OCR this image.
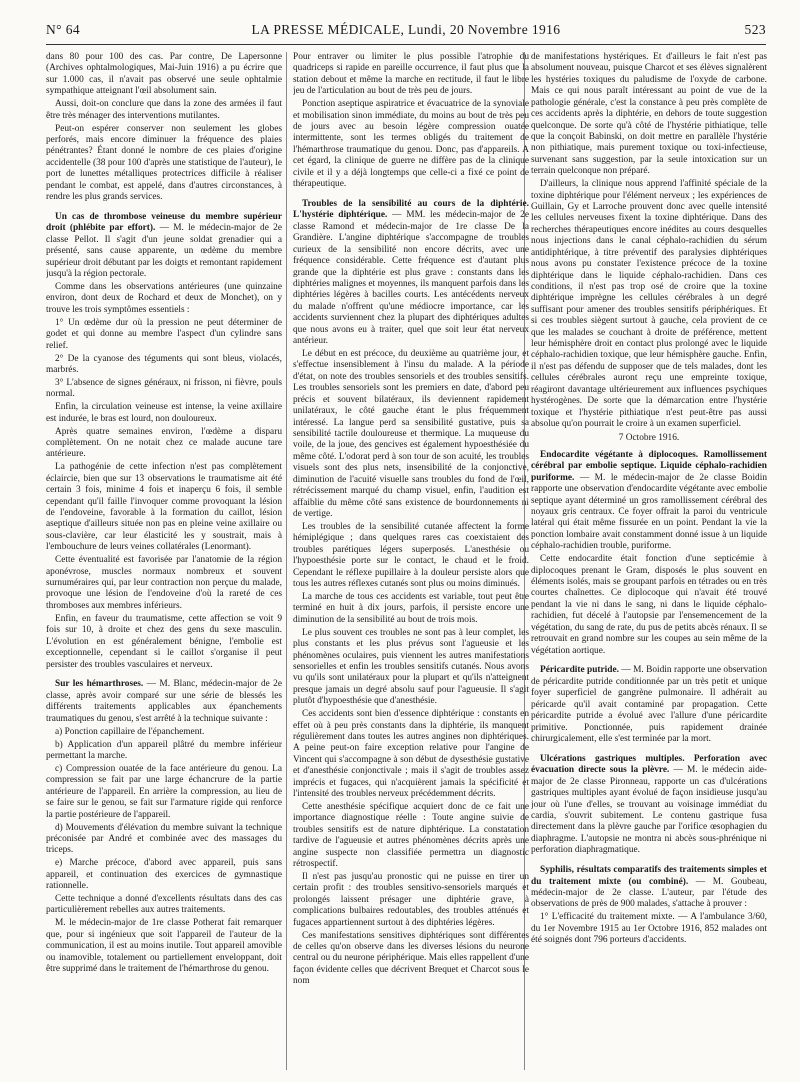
N° 64	LA PRESSE MÉDICALE, Lundi, 20 Novembre 1916	523

dans 80 pour 100 des cas. Par contre, De Lapersonne (Archives ophtalmologiques, Mai-Juin 1916) a pu écrire que sur 1.000 cas, il n'avait pas observé une seule ophtalmie sympathique atteignant l'œil absolument sain.

Aussi, doit-on conclure que dans la zone des armées il faut être très ménager des interventions mutilantes.

Peut-on espérer conserver non seulement les globes perforés, mais encore diminuer la fréquence des plaies pénétrantes? Étant donné le nombre de ces plaies d'origine accidentelle (38 pour 100 d'après une statistique de l'auteur), le port de lunettes métalliques protectrices difficile à réaliser pendant le combat, est appelé, dans d'autres circonstances, à rendre les plus grands services.

Un cas de thrombose veineuse du membre supérieur droit (phlébite par effort). — M. le médecin-major de 2e classe Pellot. Il s'agit d'un jeune soldat grenadier qui a présenté, sans cause apparente, un œdème du membre supérieur droit débutant par les doigts et remontant rapidement jusqu'à la région pectorale.

Comme dans les observations antérieures (une quinzaine environ, dont deux de Rochard et deux de Monchet), on y trouve les trois symptômes essentiels :

1° Un œdème dur où la pression ne peut déterminer de godet et qui donne au membre l'aspect d'un cylindre sans relief.

2° De la cyanose des téguments qui sont bleus, violacés, marbrés.

3° L'absence de signes généraux, ni frisson, ni fièvre, pouls normal.

Enfin, la circulation veineuse est intense, la veine axillaire est indurée, le bras est lourd, non douloureux.

Après quatre semaines environ, l'œdème a disparu complètement. On ne notait chez ce malade aucune tare antérieure.

La pathogénie de cette infection n'est pas complètement éclaircie, bien que sur 13 observations le traumatisme ait été certain 3 fois, minime 4 fois et inaperçu 6 fois, il semble cependant qu'il faille l'invoquer comme provoquant la lésion de l'endoveine, favorable à la formation du caillot, lésion aseptique d'ailleurs située non pas en pleine veine axillaire ou sous-clavière, car leur élasticité les y soustrait, mais à l'embouchure de leurs veines collatérales (Lenormant).

Cette éventualité est favorisée par l'anatomie de la région aponévrose, muscles normaux nombreux et souvent surnuméraires qui, par leur contraction non perçue du malade, provoque une lésion de l'endoveine d'où la rareté de ces thromboses aux membres inférieurs.

Enfin, en faveur du traumatisme, cette affection se voit 9 fois sur 10, à droite et chez des gens du sexe masculin. L'évolution en est généralement bénigne, l'embolie est exceptionnelle, cependant si le caillot s'organise il peut persister des troubles vasculaires et nerveux.

Sur les hémarthroses. — M. Blanc, médecin-major de 2e classe, après avoir comparé sur une série de blessés les différents traitements applicables aux épanchements traumatiques du genou, s'est arrêté à la technique suivante :

a) Ponction capillaire de l'épanchement.

b) Application d'un appareil plâtré du membre inférieur permettant la marche.

c) Compression ouatée de la face antérieure du genou. La compression se fait par une large échancrure de la partie antérieure de l'appareil. En arrière la compression, au lieu de se faire sur le genou, se fait sur l'armature rigide qui renforce la partie postérieure de l'appareil.

d) Mouvements d'élévation du membre suivant la technique préconisée par André et combinée avec des massages du triceps.

e) Marche précoce, d'abord avec appareil, puis sans appareil, et continuation des exercices de gymnastique rationnelle.

Cette technique a donné d'excellents résultats dans des cas particulièrement rebelles aux autres traitements.

M. le médecin-major de 1re classe Potherat fait remarquer que, pour si ingénieux que soit l'appareil de l'auteur de la communication, il est au moins inutile. Tout appareil amovible ou inamovible, totalement ou partiellement enveloppant, doit être supprimé dans le traitement de l'hémarthrose du genou.

Pour entraver ou limiter le plus possible l'atrophie du quadriceps si rapide en pareille occurrence, il faut plus que la station debout et même la marche en rectitude, il faut le libre jeu de l'articulation au bout de très peu de jours.

Ponction aseptique aspiratrice et évacuatrice de la synoviale et mobilisation sinon immédiate, du moins au bout de très peu de jours avec au besoin légère compression ouatée intermittente, sont les termes obligés du traitement de l'hémarthrose traumatique du genou. Donc, pas d'appareils. A cet égard, la clinique de guerre ne diffère pas de la clinique civile et il y a déjà longtemps que celle-ci a fixé ce point de thérapeutique.

Troubles de la sensibilité au cours de la diphtérie. L'hystérie diphtérique. — MM. les médecin-major de 2e classe Ramond et médecin-major de 1re classe De la Grandière. L'angine diphtérique s'accompagne de troubles curieux de la sensibilité non encore décrits, avec une fréquence considérable. Cette fréquence est d'autant plus grande que la diphtérie est plus grave : constants dans les diphtéries malignes et moyennes, ils manquent parfois dans les diphtéries légères à bacilles courts. Les antécédents nerveux du malade n'offrent qu'une médiocre importance, car les accidents surviennent chez la plupart des diphtériques adultes que nous avons eu à traiter, quel que soit leur état nerveux antérieur.

Le début en est précoce, du deuxième au quatrième jour, et s'effectue insensiblement à l'insu du malade. A la période d'état, on note des troubles sensoriels et des troubles sensitifs. Les troubles sensoriels sont les premiers en date, d'abord peu précis et souvent bilatéraux, ils deviennent rapidement unilatéraux, le côté gauche étant le plus fréquemment intéressé. La langue perd sa sensibilité gustative, puis sa sensibilité tactile douloureuse et thermique. La muqueuse du voile, de la joue, des gencives est également hypoesthésiée du même côté. L'odorat perd à son tour de son acuité, les troubles visuels sont des plus nets, insensibilité de la conjonctive, diminution de l'acuité visuelle sans troubles du fond de l'œil, rétrécissement marqué du champ visuel, enfin, l'audition est affaiblie du même côté sans existence de bourdonnements ni de vertige.

Les troubles de la sensibilité cutanée affectent la forme hémiplégique ; dans quelques rares cas coexistaient des troubles parétiques légers superposés. L'anesthésie ou l'hypoesthésie porte sur le contact, le chaud et le froid. Cependant le réflexe pupillaire à la douleur persiste alors que tous les autres réflexes cutanés sont plus ou moins diminués.

La marche de tous ces accidents est variable, tout peut être terminé en huit à dix jours, parfois, il persiste encore une diminution de la sensibilité au bout de trois mois.

Le plus souvent ces troubles ne sont pas à leur complet, les plus constants et les plus prévus sont l'agueusie et les phénomènes oculaires, puis viennent les autres manifestations sensorielles et enfin les troubles sensitifs cutanés. Nous avons vu qu'ils sont unilatéraux pour la plupart et qu'ils n'atteignent presque jamais un degré absolu sauf pour l'agueusie. Il s'agit plutôt d'hypoesthésie que d'anesthésie.

Ces accidents sont bien d'essence diphtérique : constants en effet où à peu près constants dans la diphtérie, ils manquent régulièrement dans toutes les autres angines non diphtériques. A peine peut-on faire exception relative pour l'angine de Vincent qui s'accompagne à son début de dysesthésie gustative et d'anesthésie conjonctivale ; mais il s'agit de troubles assez imprécis et fugaces, qui n'acquièrent jamais la spécificité et l'intensité des troubles nerveux précédemment décrits.

Cette anesthésie spécifique acquiert donc de ce fait une importance diagnostique réelle : Toute angine suivie de troubles sensitifs est de nature diphtérique. La constatation tardive de l'agueusie et autres phénomènes décrits après une angine suspecte non classifiée permettra un diagnostic rétrospectif.

Il n'est pas jusqu'au pronostic qui ne puisse en tirer un certain profit : des troubles sensitivo-sensoriels marqués et prolongés laissent présager une diphtérie grave, à complications bulbaires redoutables, des troubles atténués et fugaces appartiennent surtout à des diphtéries légères.

Ces manifestations sensitives diphtériques sont différentes de celles qu'on observe dans les diverses lésions du neurone central ou du neurone périphérique. Mais elles rappellent d'une façon évidente celles que décrivent Brequet et Charcot sous le nom

de manifestations hystériques. Et d'ailleurs le fait n'est pas absolument nouveau, puisque Charcot et ses élèves signalèrent les hystéries toxiques du paludisme de l'oxyde de carbone. Mais ce qui nous paraît intéressant au point de vue de la pathologie générale, c'est la constance à peu près complète de ces accidents après la diphtérie, en dehors de toute suggestion quelconque. De sorte qu'à côté de l'hystérie pithiatique, telle que la conçoit Babinski, on doit mettre en parallèle l'hystérie non pithiatique, mais purement toxique ou toxi-infectieuse, survenant sans suggestion, par la seule intoxication sur un terrain quelconque non préparé.

D'ailleurs, la clinique nous apprend l'affinité spéciale de la toxine diphtérique pour l'élément nerveux ; les expériences de Guillain, Gy et Larroche prouvent donc avec quelle intensité les cellules nerveuses fixent la toxine diphtérique. Dans des recherches thérapeutiques encore inédites au cours desquelles nous injections dans le canal céphalo-rachidien du sérum antidiphtérique, à titre préventif des paralysies diphtériques nous avons pu constater l'existence précoce de la toxine diphtérique dans le liquide céphalo-rachidien. Dans ces conditions, il n'est pas trop osé de croire que la toxine diphtérique imprègne les cellules cérébrales à un degré suffisant pour amener des troubles sensitifs périphériques. Et si ces troubles siègent surtout à gauche, cela provient de ce que les malades se couchant à droite de préférence, mettent leur hémisphère droit en contact plus prolongé avec le liquide céphalo-rachidien toxique, que leur hémisphère gauche. Enfin, il n'est pas défendu de supposer que de tels malades, dont les cellules cérébrales auront reçu une empreinte toxique, réagiront davantage ultérieurement aux influences psychiques hystérogènes. De sorte que la démarcation entre l'hystérie toxique et l'hystérie pithiatique n'est peut-être pas aussi absolue qu'on pourrait le croire à un examen superficiel.

7 Octobre 1916.

Endocardite végétante à diplocoques. Ramollissement cérébral par embolie septique. Liquide céphalo-rachidien puriforme. — M. le médecin-major de 2e classe Boidin rapporte une observation d'endocardite végétante avec embolie septique ayant déterminé un gros ramollissement cérébral des noyaux gris centraux. Ce foyer offrait la paroi du ventricule latéral qui était même fissurée en un point. Pendant la vie la ponction lombaire avait constamment donné issue à un liquide céphalo-rachidien trouble, puriforme.

Cette endocardite était fonction d'une septicémie à diplocoques prenant le Gram, disposés le plus souvent en éléments isolés, mais se groupant parfois en tétrades ou en très courtes chaînettes. Ce diplocoque qui n'avait été trouvé pendant la vie ni dans le sang, ni dans le liquide céphalo-rachidien, fut décelé à l'autopsie par l'ensemencement de la végétation, du sang de rate, du pus de petits abcès rénaux. Il se retrouvait en grand nombre sur les coupes au sein même de la végétation aortique.

Péricardite putride. — M. Boidin rapporte une observation de péricardite putride conditionnée par un très petit et unique foyer superficiel de gangrène pulmonaire. Il adhérait au péricarde qu'il avait contaminé par propagation. Cette péricardite putride a évolué avec l'allure d'une péricardite primitive. Ponctionnée, puis rapidement drainée chirurgicalement, elle s'est terminée par la mort.

Ulcérations gastriques multiples. Perforation avec évacuation directe sous la plèvre. — M. le médecin aide-major de 2e classe Pironneau, rapporte un cas d'ulcérations gastriques multiples ayant évolué de façon insidieuse jusqu'au jour où l'une d'elles, se trouvant au voisinage immédiat du cardia, s'ouvrit subitement. Le contenu gastrique fusa directement dans la plèvre gauche par l'orifice œsophagien du diaphragme. L'autopsie ne montra ni abcès sous-phrénique ni perforation diaphragmatique.

Syphilis, résultats comparatifs des traitements simples et du traitement mixte (ou combiné). — M. Goubeau, médecin-major de 2e classe. L'auteur, par l'étude des observations de près de 900 malades, s'attache à prouver :

1° L'efficacité du traitement mixte. — A l'ambulance 3/60, du 1er Novembre 1915 au 1er Octobre 1916, 852 malades ont été soignés dont 796 porteurs d'accidents.
